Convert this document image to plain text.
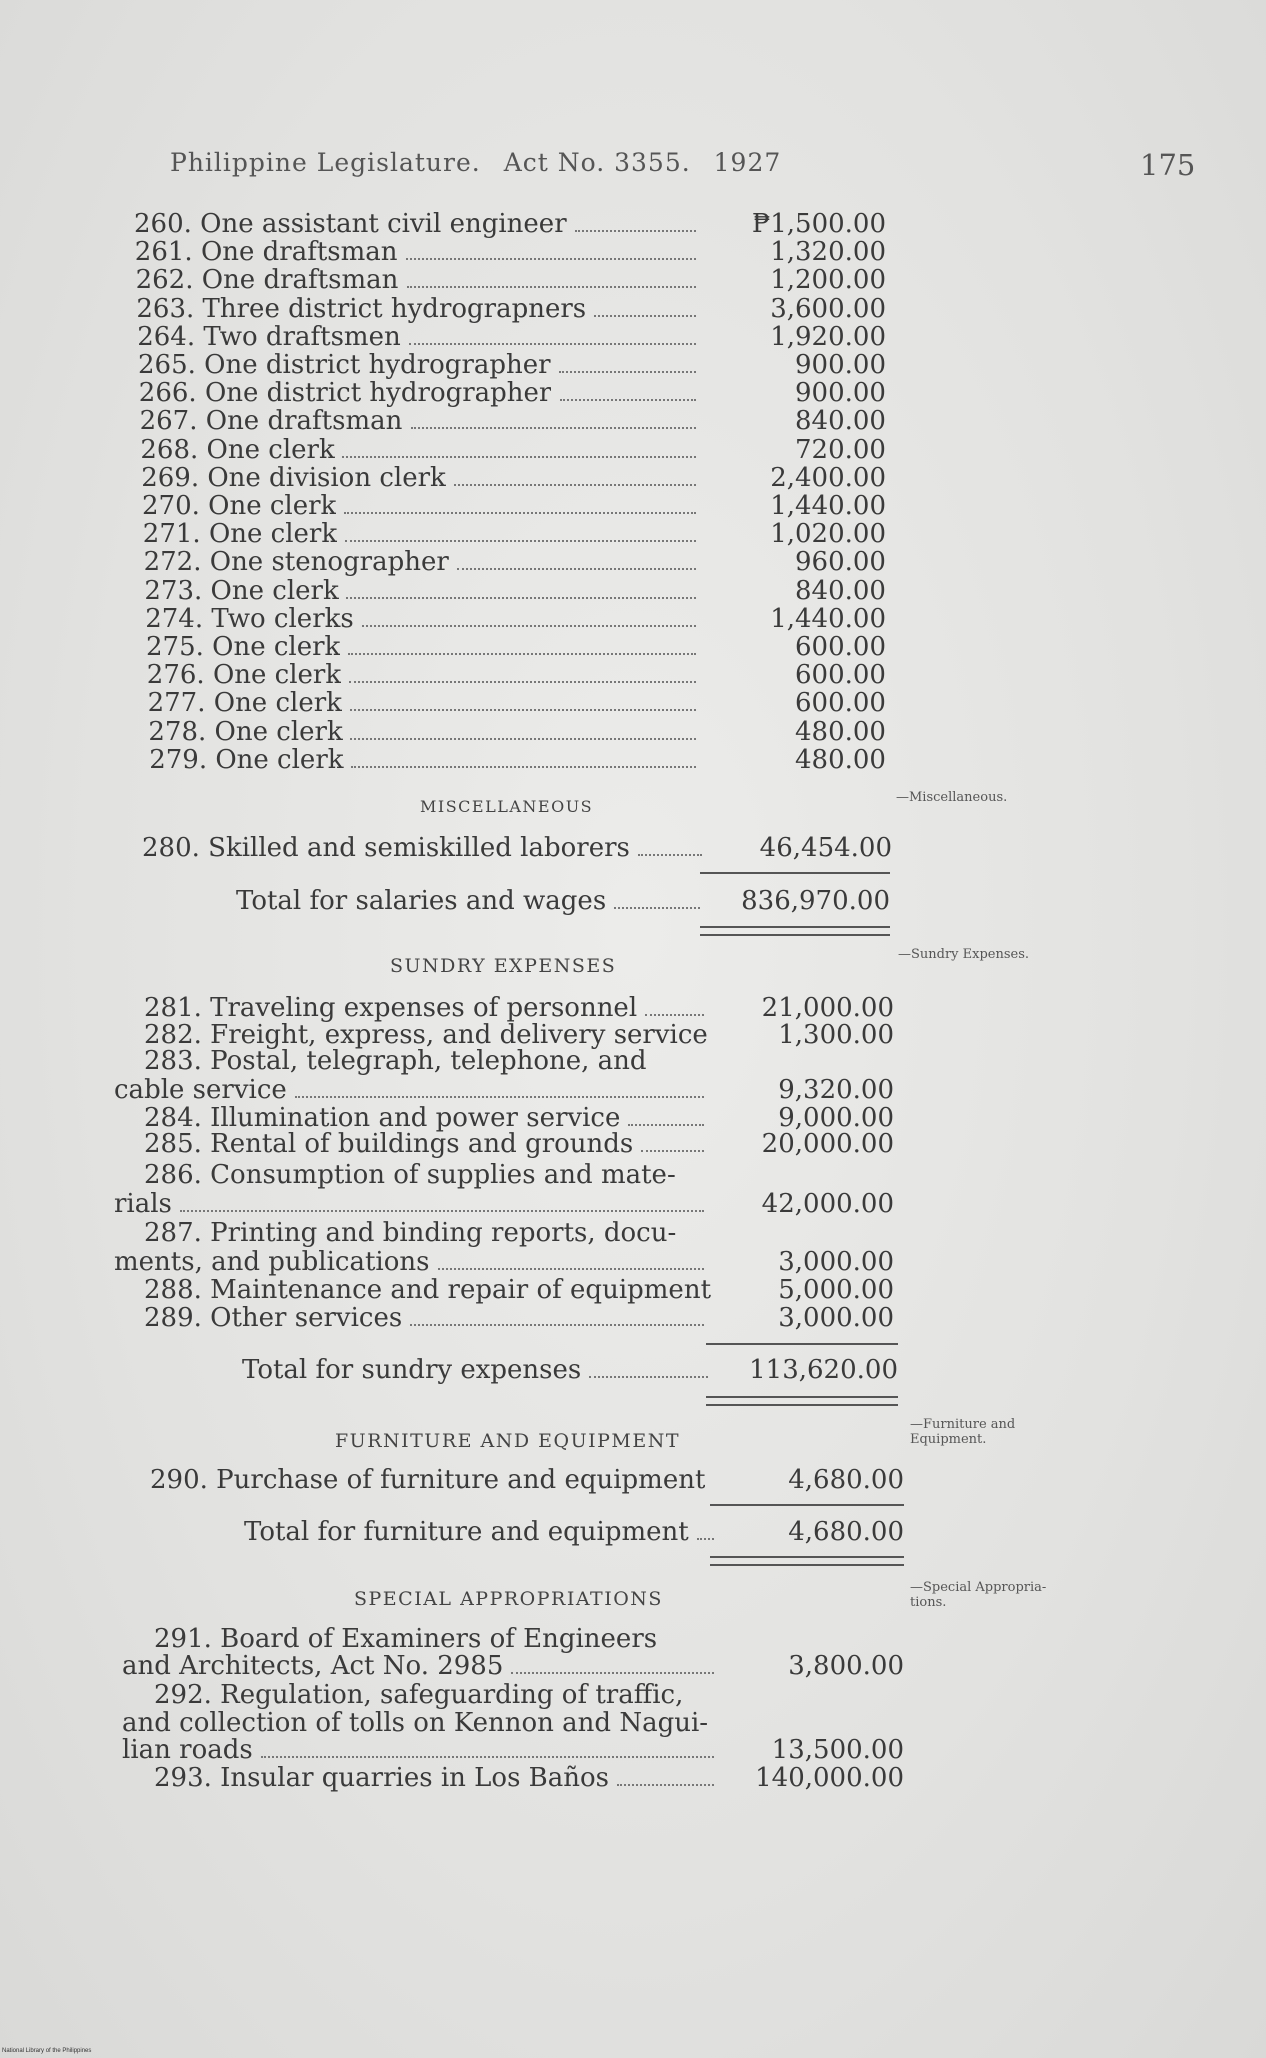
Philippine Legislature. Act No. 3355. 1927	175
260. One assistant civil engineer	₱1,500.00
261. One draftsman	1,320.00
262. One draftsman	1,200.00
263. Three district hydrograpners	3,600.00
264. Two draftsmen	1,920.00
265. One district hydrographer	900.00
266. One district hydrographer	900.00
267. One draftsman	840.00
268. One clerk	720.00
269. One division clerk	2,400.00
270. One clerk	1,440.00
271. One clerk	1,020.00
272. One stenographer	960.00
273. One clerk	840.00
274. Two clerks	1,440.00
275. One clerk	600.00
276. One clerk	600.00
277. One clerk	600.00
278. One clerk	480.00
279. One clerk	480.00
MISCELLANEOUS	—Miscellaneous.
280. Skilled and semiskilled laborers	46,454.00
Total for salaries and wages	836,970.00
SUNDRY EXPENSES
—Sundry Expenses.
281. Traveling expenses of personnel	21,000.00
282. Freight, express, and delivery service	1,300.00
283. Postal, telegraph, telephone, and
cable service	9,320.00
284. Illumination and power service	9,000.00
285. Rental of buildings and grounds	20,000.00
286. Consumption of supplies and mate-
rials	42,000.00
287. Printing and binding reports, docu-
ments, and publications	3,000.00
288. Maintenance and repair of equipment	5,000.00
289. Other services	3,000.00
Total for sundry expenses	113,620.00
FURNITURE AND EQUIPMENT
—Furniture and
Equipment.
290. Purchase of furniture and equipment	4,680.00
Total for furniture and equipment	4,680.00
SPECIAL APPROPRIATIONS
—Special Appropria-
tions.
291. Board of Examiners of Engineers
and Architects, Act No. 2985	3,800.00
292. Regulation, safeguarding of traffic,
and collection of tolls on Kennon and Nagui-
lian roads	13,500.00
293. Insular quarries in Los Baños	140,000.00
National Library of the Philippines
